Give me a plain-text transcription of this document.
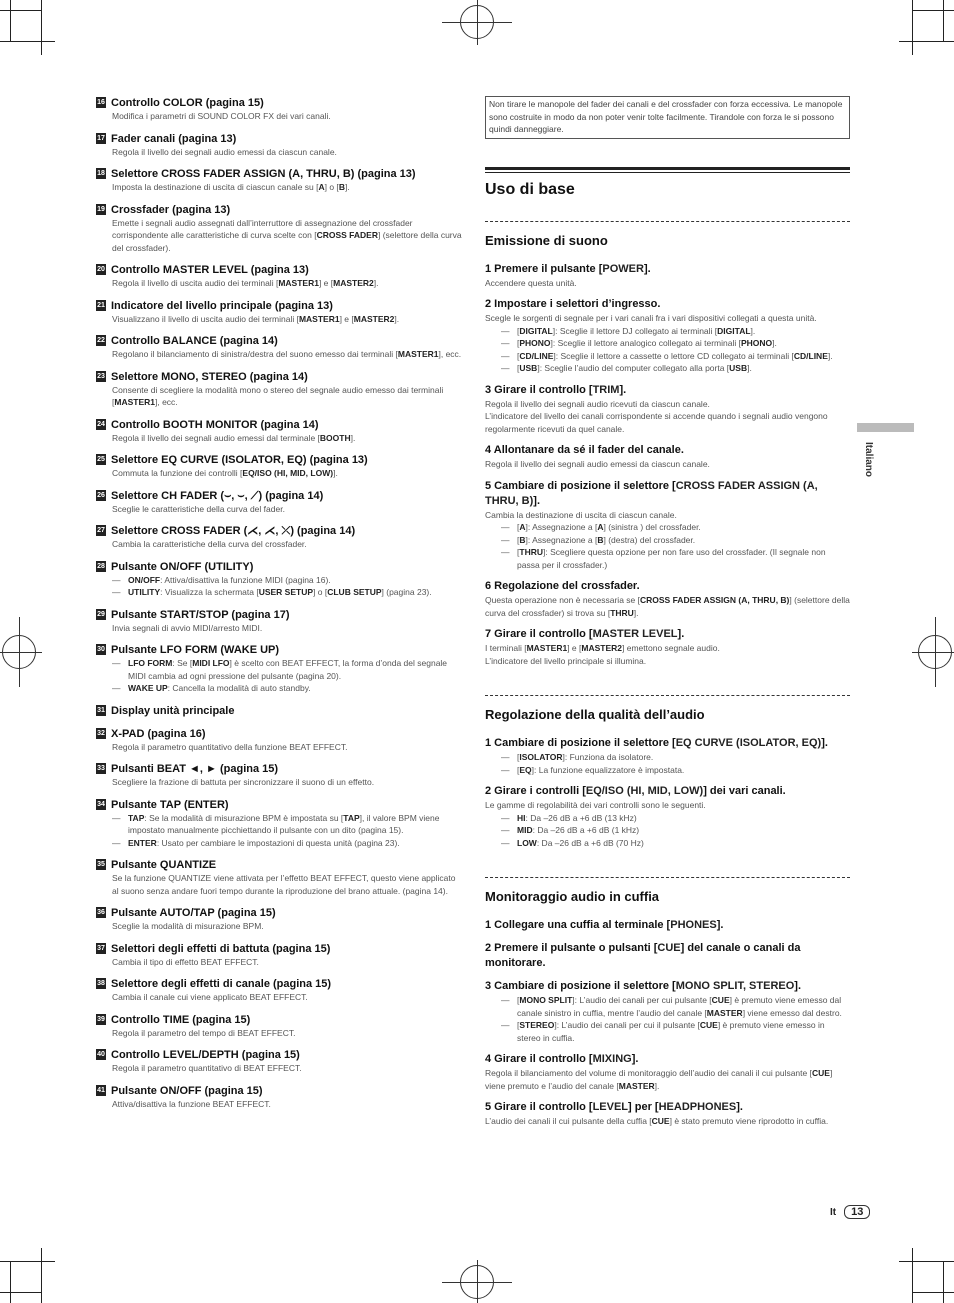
16 Controllo COLOR (pagina 15)
Modifica i parametri di SOUND COLOR FX dei vari canali.
17 Fader canali (pagina 13)
Regola il livello dei segnali audio emessi da ciascun canale.
18 Selettore CROSS FADER ASSIGN (A, THRU, B) (pagina 13)
Imposta la destinazione di uscita di ciascun canale su [A] o [B].
19 Crossfader (pagina 13)
Emette i segnali audio assegnati dall’interruttore di assegnazione del crossfader corrispondente alle caratteristiche di curva scelte con [CROSS FADER] (selettore della curva del crossfader).
20 Controllo MASTER LEVEL (pagina 13)
Regola il livello di uscita audio dei terminali [MASTER1] e [MASTER2].
21 Indicatore del livello principale (pagina 13)
Visualizzano il livello di uscita audio dei terminali [MASTER1] e [MASTER2].
22 Controllo BALANCE (pagina 14)
Regolano il bilanciamento di sinistra/destra del suono emesso dai terminali [MASTER1], ecc.
23 Selettore MONO, STEREO (pagina 14)
Consente di scegliere la modalità mono o stereo del segnale audio emesso dai terminali [MASTER1], ecc.
24 Controllo BOOTH MONITOR (pagina 14)
Regola il livello dei segnali audio emessi dal terminale [BOOTH].
25 Selettore EQ CURVE (ISOLATOR, EQ) (pagina 13)
Commuta la funzione dei controlli [EQ/ISO (HI, MID, LOW)].
26 Selettore CH FADER (⌣, ⌣, ⟋) (pagina 14)
Sceglie le caratteristiche della curva del fader.
27 Selettore CROSS FADER (⋌, ⋌, ⤫) (pagina 14)
Cambia la caratteristiche della curva del crossfader.
28 Pulsante ON/OFF (UTILITY)
— ON/OFF: Attiva/disattiva la funzione MIDI (pagina 16).
— UTILITY: Visualizza la schermata [USER SETUP] o [CLUB SETUP] (pagina 23).
29 Pulsante START/STOP (pagina 17)
Invia segnali di avvio MIDI/arresto MIDI.
30 Pulsante LFO FORM (WAKE UP)
— LFO FORM: Se [MIDI LFO] è scelto con BEAT EFFECT, la forma d’onda del segnale MIDI cambia ad ogni pressione del pulsante (pagina 20).
— WAKE UP: Cancella la modalità di auto standby.
31 Display unità principale
32 X-PAD (pagina 16)
Regola il parametro quantitativo della funzione BEAT EFFECT.
33 Pulsanti BEAT ◄, ► (pagina 15)
Scegliere la frazione di battuta per sincronizzare il suono di un effetto.
34 Pulsante TAP (ENTER)
— TAP: Se la modalità di misurazione BPM è impostata su [TAP], il valore BPM viene impostato manualmente picchiettando il pulsante con un dito (pagina 15).
— ENTER: Usato per cambiare le impostazioni di questa unità (pagina 23).
35 Pulsante QUANTIZE
Se la funzione QUANTIZE viene attivata per l’effetto BEAT EFFECT, questo viene applicato al suono senza andare fuori tempo durante la riproduzione del brano attuale. (pagina 14).
36 Pulsante AUTO/TAP (pagina 15)
Sceglie la modalità di misurazione BPM.
37 Selettori degli effetti di battuta (pagina 15)
Cambia il tipo di effetto BEAT EFFECT.
38 Selettore degli effetti di canale (pagina 15)
Cambia il canale cui viene applicato BEAT EFFECT.
39 Controllo TIME (pagina 15)
Regola il parametro del tempo di BEAT EFFECT.
40 Controllo LEVEL/DEPTH (pagina 15)
Regola il parametro quantitativo di BEAT EFFECT.
41 Pulsante ON/OFF (pagina 15)
Attiva/disattiva la funzione BEAT EFFECT.
Non tirare le manopole del fader dei canali e del crossfader con forza eccessiva. Le manopole sono costruite in modo da non poter venir tolte facilmente. Tirandole con forza le si possono quindi danneggiare.
Uso di base
Emissione di suono
1 Premere il pulsante [POWER].
Accendere questa unità.
2 Impostare i selettori d’ingresso.
Scegle le sorgenti di segnale per i vari canali fra i vari dispositivi collegati a questa unità.
— [DIGITAL]: Sceglie il lettore DJ collegato ai terminali [DIGITAL].
— [PHONO]: Sceglie il lettore analogico collegato ai terminali [PHONO].
— [CD/LINE]: Sceglie il lettore a cassette o lettore CD collegato ai terminali [CD/LINE].
— [USB]: Sceglie l’audio del computer collegato alla porta [USB].
3 Girare il controllo [TRIM].
Regola il livello dei segnali audio ricevuti da ciascun canale.
L’indicatore del livello dei canali corrispondente si accende quando i segnali audio vengono regolarmente ricevuti da quel canale.
4 Allontanare da sé il fader del canale.
Regola il livello dei segnali audio emessi da ciascun canale.
5 Cambiare di posizione il selettore [CROSS FADER ASSIGN (A, THRU, B)].
Cambia la destinazione di uscita di ciascun canale.
— [A]: Assegnazione a [A] (sinistra ) del crossfader.
— [B]: Assegnazione a [B] (destra) del crossfader.
— [THRU]: Scegliere questa opzione per non fare uso del crossfader. (Il segnale non passa per il crossfader.)
6 Regolazione del crossfader.
Questa operazione non è necessaria se [CROSS FADER ASSIGN (A, THRU, B)] (selettore della curva del crossfader) si trova su [THRU].
7 Girare il controllo [MASTER LEVEL].
I terminali [MASTER1] e [MASTER2] emettono segnale audio.
L’indicatore del livello principale si illumina.
Regolazione della qualità dell’audio
1 Cambiare di posizione il selettore [EQ CURVE (ISOLATOR, EQ)].
— [ISOLATOR]: Funziona da isolatore.
— [EQ]: La funzione equalizzatore è impostata.
2 Girare i controlli [EQ/ISO (HI, MID, LOW)] dei vari canali.
Le gamme di regolabilità dei vari controlli sono le seguenti.
— HI: Da –26 dB a +6 dB (13 kHz)
— MID: Da –26 dB a +6 dB (1 kHz)
— LOW: Da –26 dB a +6 dB (70 Hz)
Monitoraggio audio in cuffia
1 Collegare una cuffia al terminale [PHONES].
2 Premere il pulsante o pulsanti [CUE] del canale o canali da monitorare.
3 Cambiare di posizione il selettore [MONO SPLIT, STEREO].
— [MONO SPLIT]: L’audio dei canali per cui pulsante [CUE] è premuto viene emesso dal canale sinistro in cuffia, mentre l’audio del canale [MASTER] viene emesso dal destro.
— [STEREO]: L’audio dei canali per cui il pulsante [CUE] è premuto viene emesso in stereo in cuffia.
4 Girare il controllo [MIXING].
Regola il bilanciamento del volume di monitoraggio dell’audio dei canali il cui pulsante [CUE] viene premuto e l’audio del canale [MASTER].
5 Girare il controllo [LEVEL] per [HEADPHONES].
L’audio dei canali il cui pulsante della cuffia [CUE] è stato premuto viene riprodotto in cuffia.
Italiano
It	13
